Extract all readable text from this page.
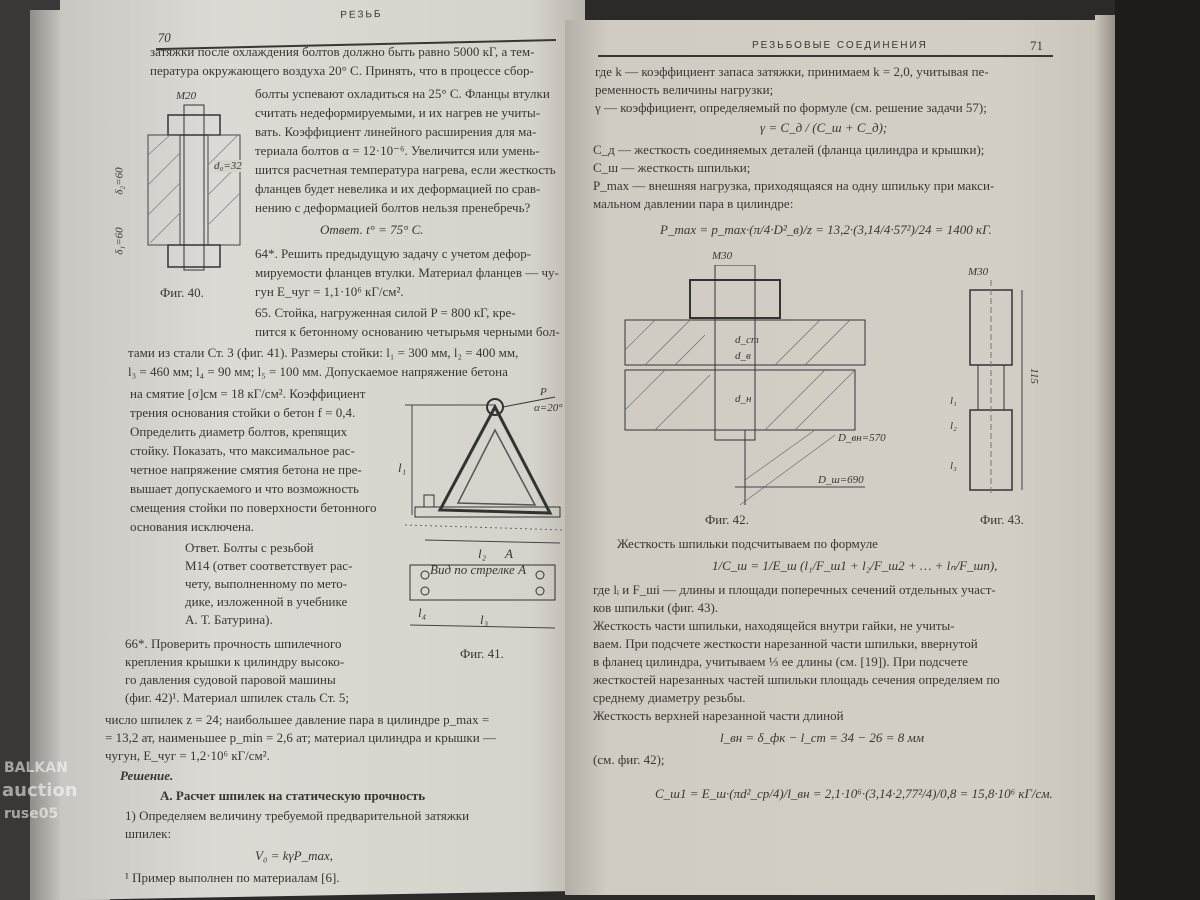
70
РЕЗЬБ
M20
δ₁=60
δ₂=60
d₀=32
Фиг. 40.
затяжки после охлаждения болтов должно быть равно 5000 кГ, а тем-
пература окружающего воздуха 20° С. Принять, что в процессе сбор-
болты успевают охладиться на 25° С. Фланцы втулки
считать недеформируемыми, и их нагрев не учиты-
вать. Коэффициент линейного расширения для ма-
териала болтов α = 12·10⁻⁶. Увеличится или умень-
шится расчетная температура нагрева, если жесткость
фланцев будет невелика и их деформацией по срав-
нению с деформацией болтов нельзя пренебречь?
Ответ. t° = 75° C.
64*. Решить предыдущую задачу с учетом дефор-
мируемости фланцев втулки. Материал фланцев — чу-
гун E_чуг = 1,1·10⁶ кГ/см².
65. Стойка, нагруженная силой P = 800 кГ, кре-
пится к бетонному основанию четырьмя черными бол-
тами из стали Ст. 3 (фиг. 41). Размеры стойки: l₁ = 300 мм, l₂ = 400 мм,
l₃ = 460 мм; l₄ = 90 мм; l₅ = 100 мм. Допускаемое напряжение бетона
на смятие [σ]см = 18 кГ/см². Коэффициент
трения основания стойки о бетон f = 0,4.
Определить диаметр болтов, крепящих
стойку. Показать, что максимальное рас-
четное напряжение смятия бетона не пре-
вышает допускаемого и что возможность
смещения стойки по поверхности бетонного
основания исключена.
Ответ. Болты с резьбой
М14 (ответ соответствует рас-
чету, выполненному по мето-
дике, изложенной в учебнике
А. Т. Батурина).
66*. Проверить прочность шпилечного
крепления крышки к цилиндру высоко-
го давления судовой паровой машины
(фиг. 42)¹. Материал шпилек сталь Ст. 5;
число шпилек z = 24; наибольшее давление пара в цилиндре p_max =
= 13,2 ат, наименьшее p_min = 2,6 ат; материал цилиндра и крышки —
чугун, E_чуг = 1,2·10⁶ кГ/см².
Решение.
А. Расчет шпилек на статическую прочность
1) Определяем величину требуемой предварительной затяжки
шпилек:
V₀ = kγP_max,
¹ Пример выполнен по материалам [6].
P
α=20°
l₁
l₂ A
Вид по стрелке А
l₄	l₃
Фиг. 41.
BALKAN
auction
ruse05
РЕЗЬБОВЫЕ СОЕДИНЕНИЯ	71
где k — коэффициент запаса затяжки, принимаем k = 2,0, учитывая пе-
ременность величины нагрузки;
γ — коэффициент, определяемый по формуле (см. решение задачи 57);
γ = C_д / (C_ш + C_д);
C_д — жесткость соединяемых деталей (фланца цилиндра и крышки);
C_ш — жесткость шпильки;
P_max — внешняя нагрузка, приходящаяся на одну шпильку при макси-
мальном давлении пара в цилиндре:
P_max = p_max·(π/4·D²_в)/z = 13,2·(3,14/4·57²)/24 = 1400 кГ.
Жесткость шпильки подсчитываем по формуле
1/C_ш = 1/E_ш (l₁/F_ш1 + l₂/F_ш2 + … + lₙ/F_шn),
где lᵢ и F_шi — длины и площади поперечных сечений отдельных участ-
ков шпильки (фиг. 43).
Жесткость части шпильки, находящейся внутри гайки, не учиты-
ваем. При подсчете жесткости нарезанной части шпильки, ввернутой
в фланец цилиндра, учитываем ⅓ ее длины (см. [19]). При подсчете
жесткостей нарезанных частей шпильки площадь сечения определяем по
среднему диаметру резьбы.
Жесткость верхней нарезанной части длиной
l_вн = δ_фк − l_ст = 34 − 26 = 8 мм
(см. фиг. 42);
C_ш1 = E_ш·(πd²_ср/4)/l_вн = 2,1·10⁶·(3,14·2,77²/4)/0,8 = 15,8·10⁶ кГ/см.
M30
d_ст
d_в
d_н
D_вн=570
D_ш=690
Фиг. 42.
M30
115
l₁
l₂
l₃
Фиг. 43.
